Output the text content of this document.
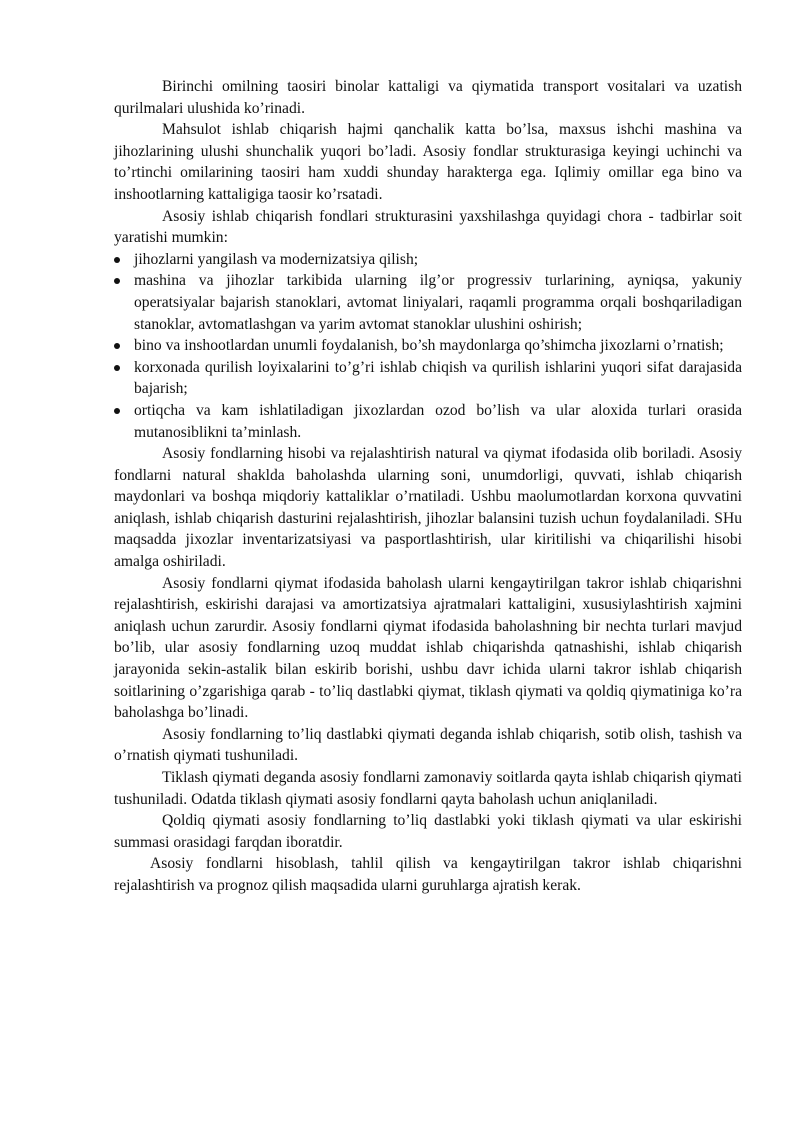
Birinchi omilning taosiri binolar kattaligi va qiymatida transport vositalari va uzatish qurilmalari ulushida ko’rinadi.

Mahsulot ishlab chiqarish hajmi qanchalik katta bo’lsa, maxsus ishchi mashina va jihozlarining ulushi shunchalik yuqori bo’ladi. Asosiy fondlar strukturasiga keyingi uchinchi va to’rtinchi omilarining taosiri ham xuddi shunday harakterga ega. Iqlimiy omillar ega bino va inshootlarning kattaligiga taosir ko’rsatadi.

Asosiy ishlab chiqarish fondlari strukturasini yaxshilashga quyidagi chora - tadbirlar soit yaratishi mumkin:

jihozlarni yangilash va modernizatsiya qilish;
mashina va jihozlar tarkibida ularning ilg’or progressiv turlarining, ayniqsa, yakuniy operatsiyalar bajarish stanoklari, avtomat liniyalari, raqamli programma orqali boshqariladigan stanoklar, avtomatlashgan va yarim avtomat stanoklar ulushini oshirish;
bino va inshootlardan unumli foydalanish, bo’sh maydonlarga qo’shimcha jixozlarni o’rnatish;
korxonada qurilish loyixalarini to’g’ri ishlab chiqish va qurilish ishlarini yuqori sifat darajasida bajarish;
ortiqcha va kam ishlatiladigan jixozlardan ozod bo’lish va ular aloxida turlari orasida mutanosiblikni ta’minlash.

Asosiy fondlarning hisobi va rejalashtirish natural va qiymat ifodasida olib boriladi. Asosiy fondlarni natural shaklda baholashda ularning soni, unumdorligi, quvvati, ishlab chiqarish maydonlari va boshqa miqdoriy kattaliklar o’rnatiladi. Ushbu maolumotlardan korxona quvvatini aniqlash, ishlab chiqarish dasturini rejalashtirish, jihozlar balansini tuzish uchun foydalaniladi. SHu maqsadda jixozlar inventarizatsiyasi va pasportlashtirish, ular kiritilishi va chiqarilishi hisobi amalga oshiriladi.

Asosiy fondlarni qiymat ifodasida baholash ularni kengaytirilgan takror ishlab chiqarishni rejalashtirish, eskirishi darajasi va amortizatsiya ajratmalari kattaligini, xususiylashtirish xajmini aniqlash uchun zarurdir. Asosiy fondlarni qiymat ifodasida baholashning bir nechta turlari mavjud bo’lib, ular asosiy fondlarning uzoq muddat ishlab chiqarishda qatnashishi, ishlab chiqarish jarayonida sekin-astalik bilan eskirib borishi, ushbu davr ichida ularni takror ishlab chiqarish soitlarining o’zgarishiga qarab - to’liq dastlabki qiymat, tiklash qiymati va qoldiq qiymatiniga ko’ra baholashga bo’linadi.

Asosiy fondlarning to’liq dastlabki qiymati deganda ishlab chiqarish, sotib olish, tashish va o’rnatish qiymati tushuniladi.

Tiklash qiymati deganda asosiy fondlarni zamonaviy soitlarda qayta ishlab chiqarish qiymati tushuniladi. Odatda tiklash qiymati asosiy fondlarni qayta baholash uchun aniqlaniladi.

Qoldiq qiymati asosiy fondlarning to’liq dastlabki yoki tiklash qiymati va ular eskirishi summasi orasidagi farqdan iboratdir.

Asosiy fondlarni hisoblash, tahlil qilish va kengaytirilgan takror ishlab chiqarishni rejalashtirish va prognoz qilish maqsadida ularni guruhlarga ajratish kerak.
